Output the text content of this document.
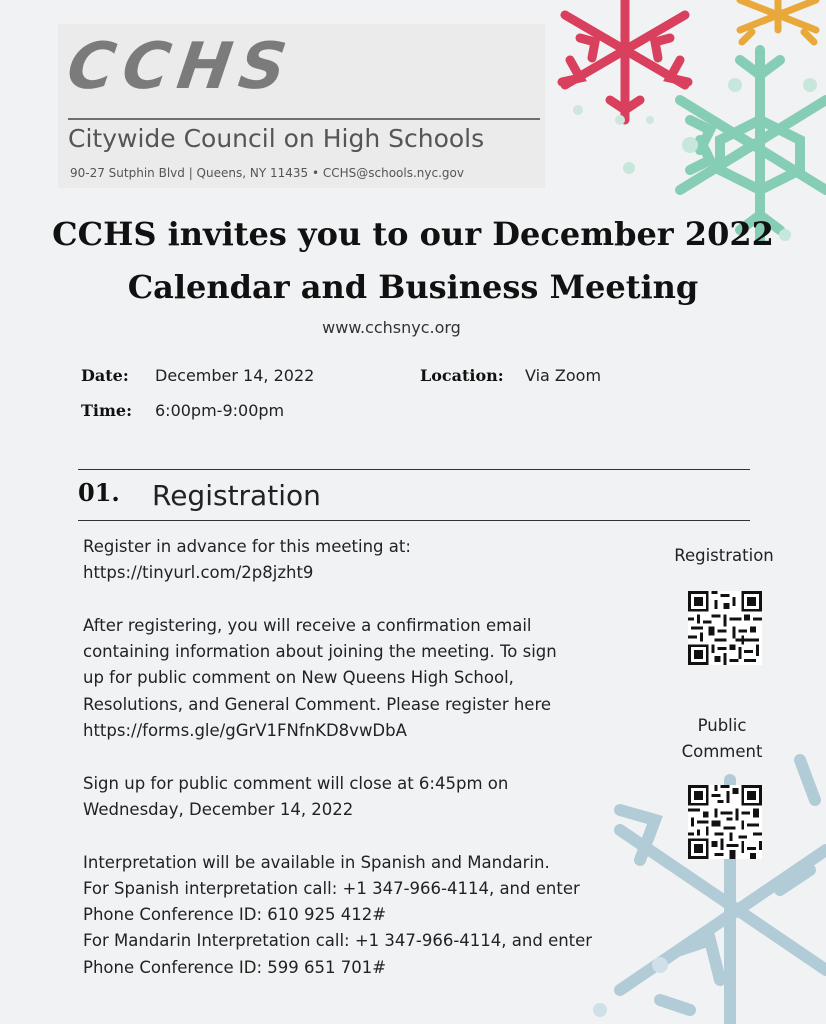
CCHS
Citywide Council on High Schools
90-27 Sutphin Blvd | Queens, NY 11435 • CCHS@schools.nyc.gov
CCHS invites you to our December 2022
Calendar and Business Meeting
www.cchsnyc.org
Date: December 14, 2022	Location: Via Zoom
Time: 6:00pm-9:00pm
01. Registration

Register in advance for this meeting at:
https://tinyurl.com/2p8jzht9

After registering, you will receive a confirmation email
containing information about joining the meeting. To sign
up for public comment on New Queens High School,
Resolutions, and General Comment. Please register here
https://forms.gle/gGrV1FNfnKD8vwDbA

Sign up for public comment will close at 6:45pm on
Wednesday, December 14, 2022

Interpretation will be available in Spanish and Mandarin.
For Spanish interpretation call: +1 347-966-4114, and enter
Phone Conference ID: 610 925 412#
For Mandarin Interpretation call: +1 347-966-4114, and enter
Phone Conference ID: 599 651 701#

Registration
Public
Comment
